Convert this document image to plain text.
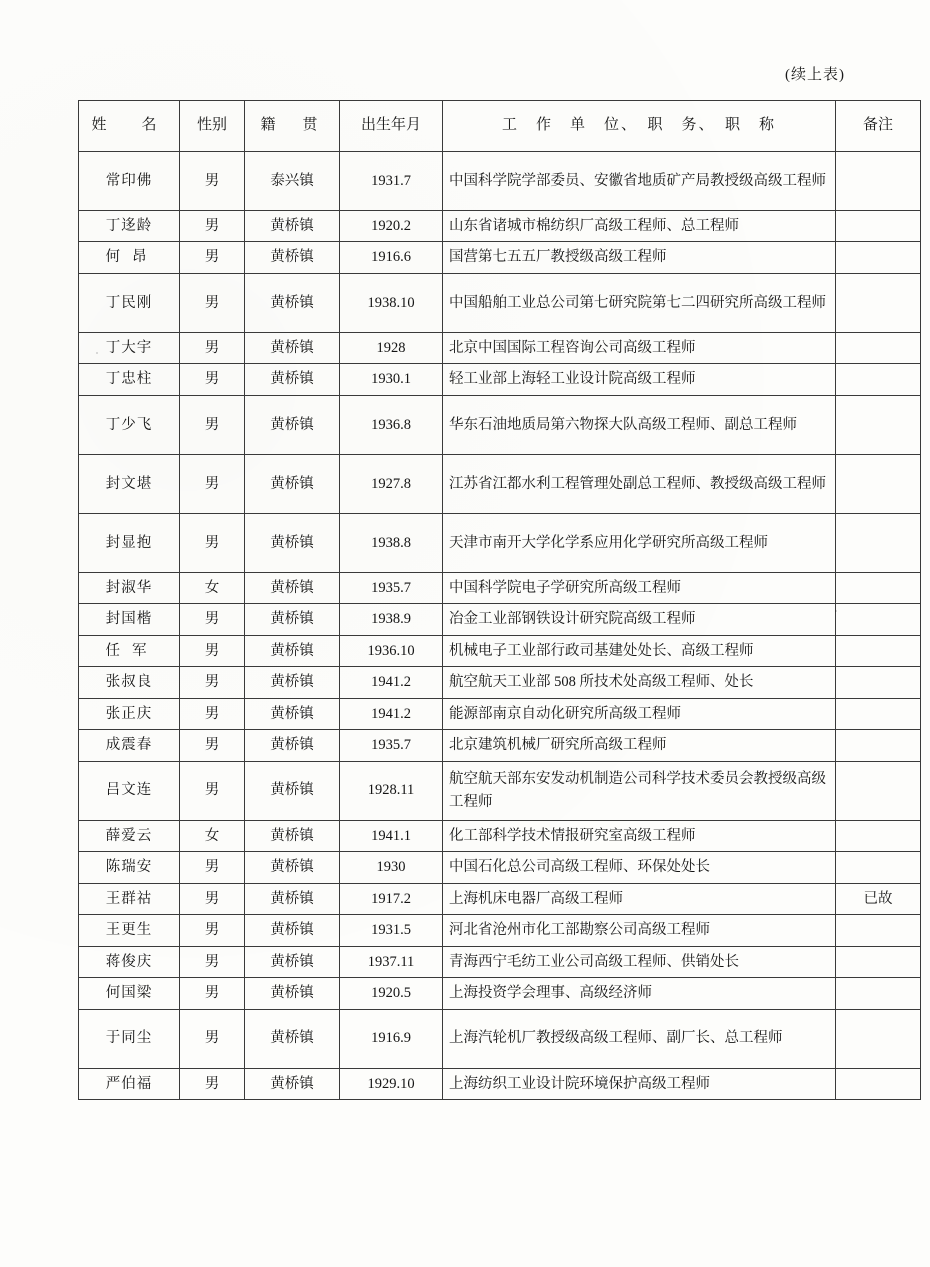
(续上表)
姓　名	性别	籍　贯	出生年月	工　作　单　位、　职　务、　职　称	备注
常印佛	男	泰兴镇	1931.7	中国科学院学部委员、安徽省地质矿产局教授级高级工程师	
丁迻龄	男	黄桥镇	1920.2	山东省诸城市棉纺织厂高级工程师、总工程师	
何昂	男	黄桥镇	1916.6	国营第七五五厂教授级高级工程师	
丁民刚	男	黄桥镇	1938.10	中国船舶工业总公司第七研究院第七二四研究所高级工程师	
丁大宇	男	黄桥镇	1928	北京中国国际工程咨询公司高级工程师	
丁忠柱	男	黄桥镇	1930.1	轻工业部上海轻工业设计院高级工程师	
丁少飞	男	黄桥镇	1936.8	华东石油地质局第六物探大队高级工程师、副总工程师	
封文堪	男	黄桥镇	1927.8	江苏省江都水利工程管理处副总工程师、教授级高级工程师	
封显抱	男	黄桥镇	1938.8	天津市南开大学化学系应用化学研究所高级工程师	
封淑华	女	黄桥镇	1935.7	中国科学院电子学研究所高级工程师	
封国楷	男	黄桥镇	1938.9	冶金工业部钢铁设计研究院高级工程师	
任军	男	黄桥镇	1936.10	机械电子工业部行政司基建处处长、高级工程师	
张叔良	男	黄桥镇	1941.2	航空航天工业部 508 所技术处高级工程师、处长	
张正庆	男	黄桥镇	1941.2	能源部南京自动化研究所高级工程师	
成震春	男	黄桥镇	1935.7	北京建筑机械厂研究所高级工程师	
吕文连	男	黄桥镇	1928.11	航空航天部东安发动机制造公司科学技术委员会教授级高级工程师	
薛爱云	女	黄桥镇	1941.1	化工部科学技术情报研究室高级工程师	
陈瑞安	男	黄桥镇	1930	中国石化总公司高级工程师、环保处处长	
王群祜	男	黄桥镇	1917.2	上海机床电器厂高级工程师	已故
王更生	男	黄桥镇	1931.5	河北省沧州市化工部勘察公司高级工程师	
蒋俊庆	男	黄桥镇	1937.11	青海西宁毛纺工业公司高级工程师、供销处长	
何国梁	男	黄桥镇	1920.5	上海投资学会理事、高级经济师	
于同尘	男	黄桥镇	1916.9	上海汽轮机厂教授级高级工程师、副厂长、总工程师	
严伯福	男	黄桥镇	1929.10	上海纺织工业设计院环境保护高级工程师	
